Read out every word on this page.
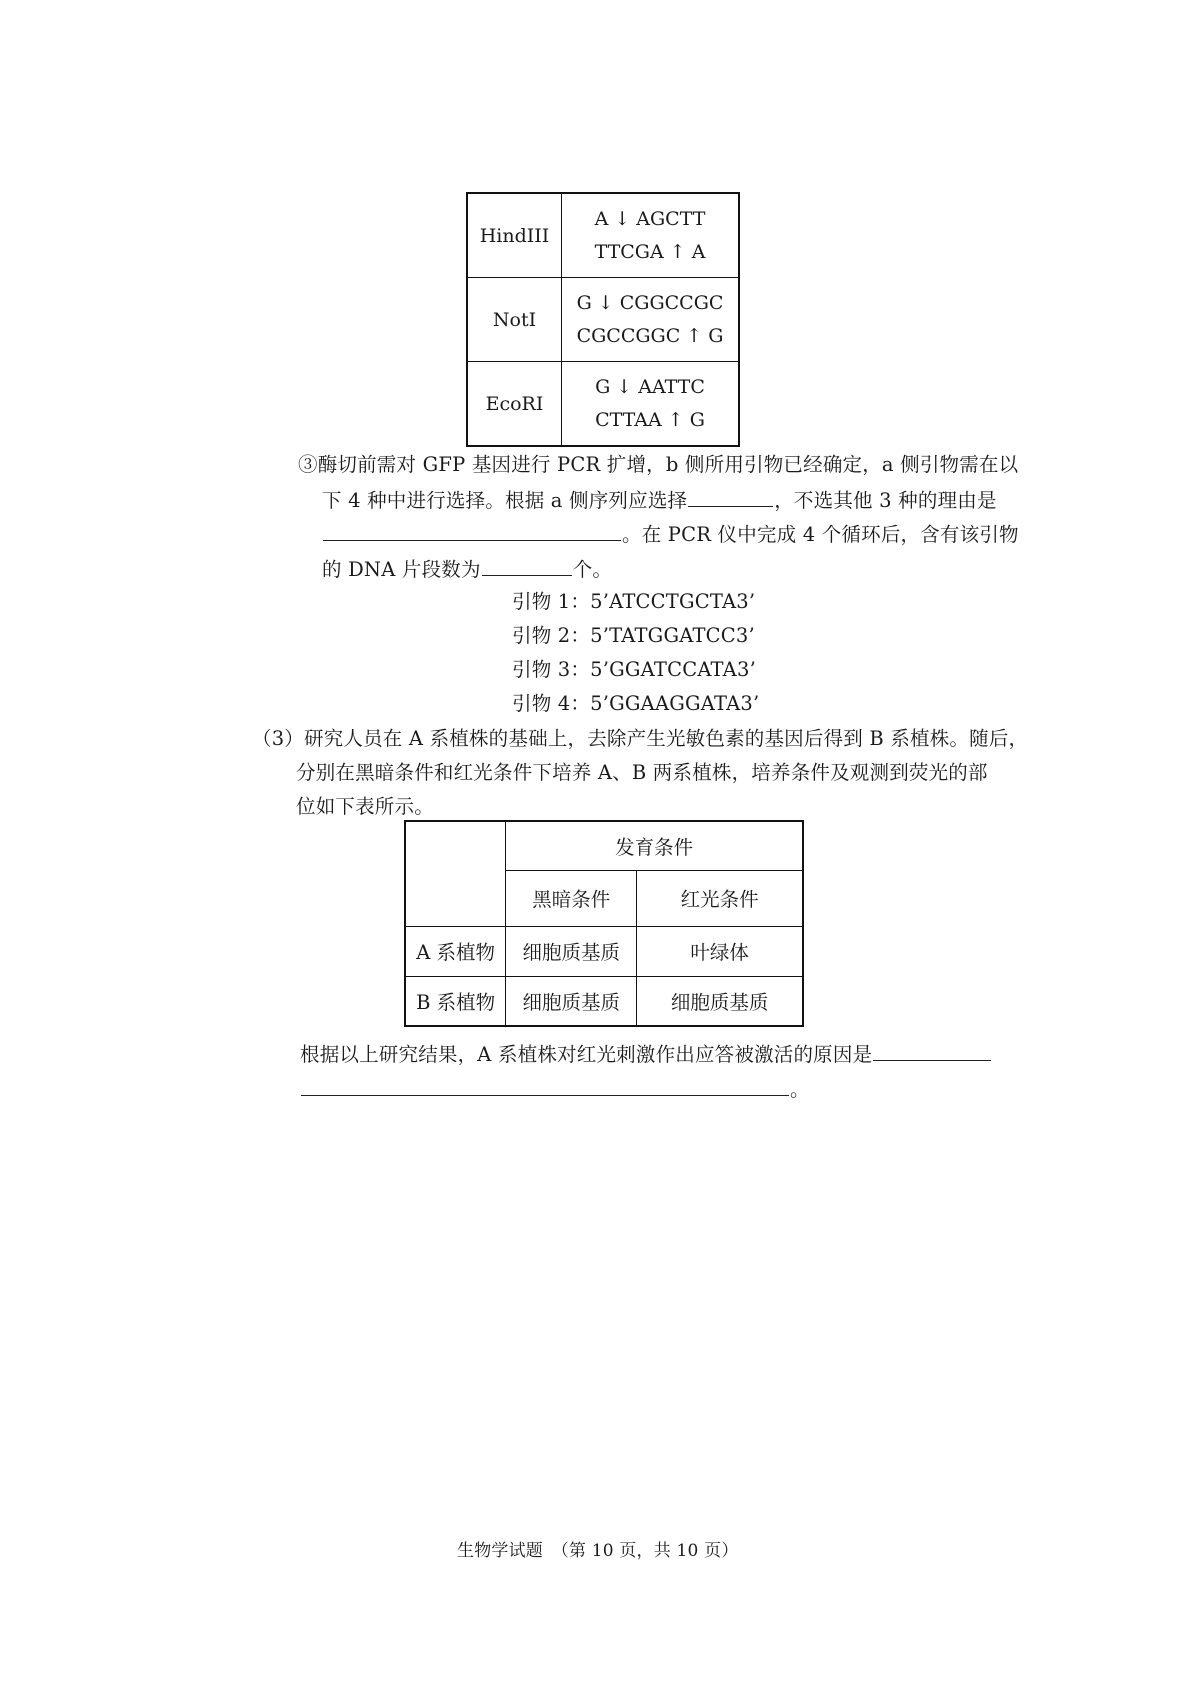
HindIII	A ↓ AGCTT
TTCGA ↑ A

NotI	G ↓ CGGCCGC
CGCCGGC ↑ G

EcoRI	G ↓ AATTC
CTTAA ↑ G
③酶切前需对 GFP 基因进行 PCR 扩增，b 侧所用引物已经确定，a 侧引物需在以
下 4 种中进行选择。根据 a 侧序列应选择	，不选其他 3 种的理由是
。在 PCR 仪中完成 4 个循环后，含有该引物
的 DNA 片段数为	个。
引物 1：5’ATCCTGCTA3’
引物 2：5’TATGGATCC3’
引物 3：5’GGATCCATA3’
引物 4：5’GGAAGGATA3’
（3）研究人员在 A 系植株的基础上，去除产生光敏色素的基因后得到 B 系植株。随后，
分别在黑暗条件和红光条件下培养 A、B 两系植株，培养条件及观测到荧光的部
位如下表所示。
	发育条件	
	黑暗条件	红光条件
A 系植物	细胞质基质	叶绿体
B 系植物	细胞质基质	细胞质基质
根据以上研究结果，A 系植株对红光刺激作出应答被激活的原因是
。
生物学试题　（第 10 页，共 10 页）
